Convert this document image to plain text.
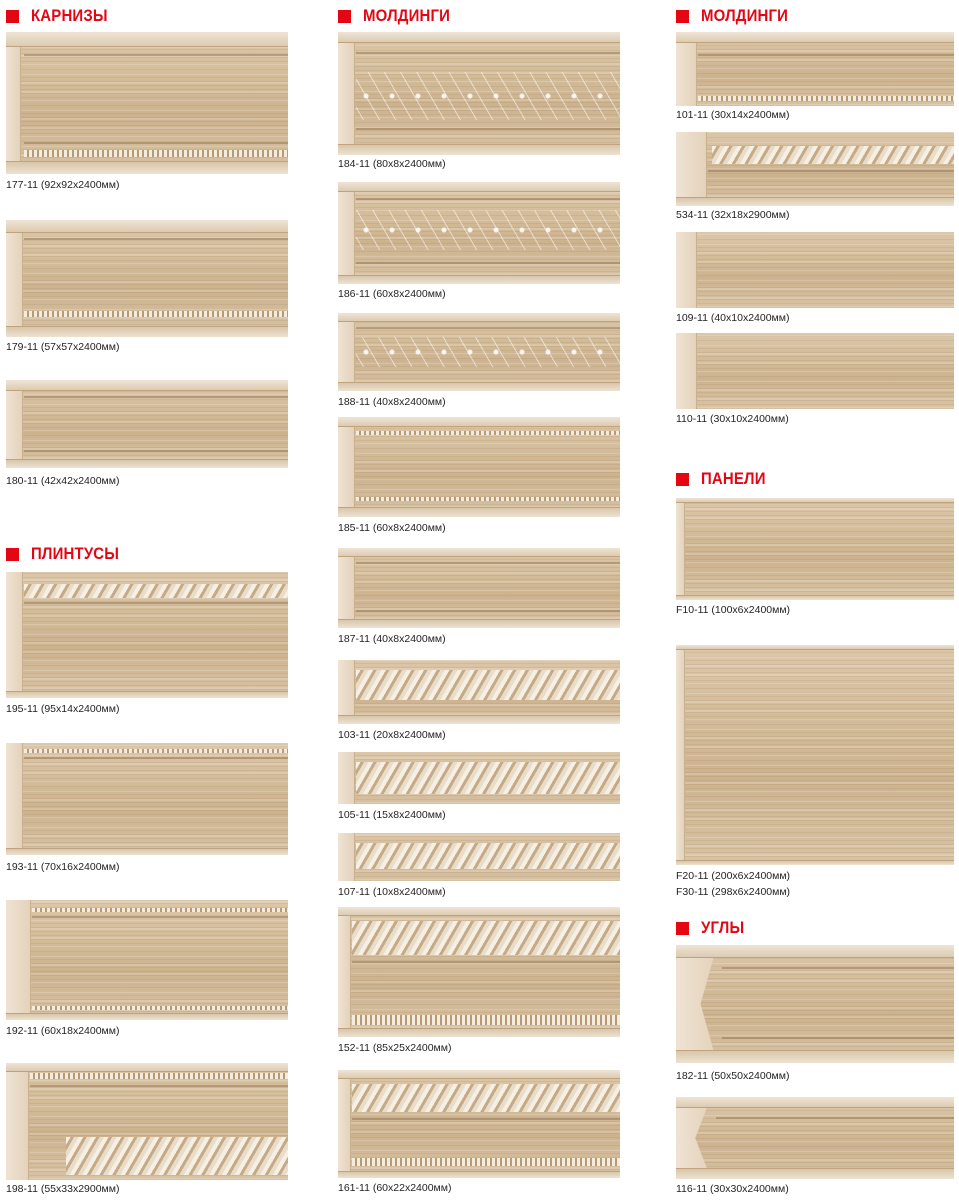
КАРНИЗЫ
177-11 (92x92x2400мм)
179-11 (57x57x2400мм)
180-11 (42x42x2400мм)
ПЛИНТУСЫ
195-11 (95x14x2400мм)
193-11 (70x16x2400мм)
192-11 (60x18x2400мм)
198-11 (55x33x2900мм)
МОЛДИНГИ
184-11 (80x8x2400мм)
186-11 (60x8x2400мм)
188-11 (40x8x2400мм)
185-11 (60x8x2400мм)
187-11 (40x8x2400мм)
103-11 (20x8x2400мм)
105-11 (15x8x2400мм)
107-11 (10x8x2400мм)
152-11 (85x25x2400мм)
161-11 (60x22x2400мм)
МОЛДИНГИ
101-11 (30x14x2400мм)
534-11 (32x18x2900мм)
109-11 (40x10x2400мм)
110-11 (30x10x2400мм)
ПАНЕЛИ
F10-11 (100x6x2400мм)
F20-11 (200x6x2400мм)
F30-11 (298x6x2400мм)
УГЛЫ
182-11 (50x50x2400мм)
116-11 (30x30x2400мм)
